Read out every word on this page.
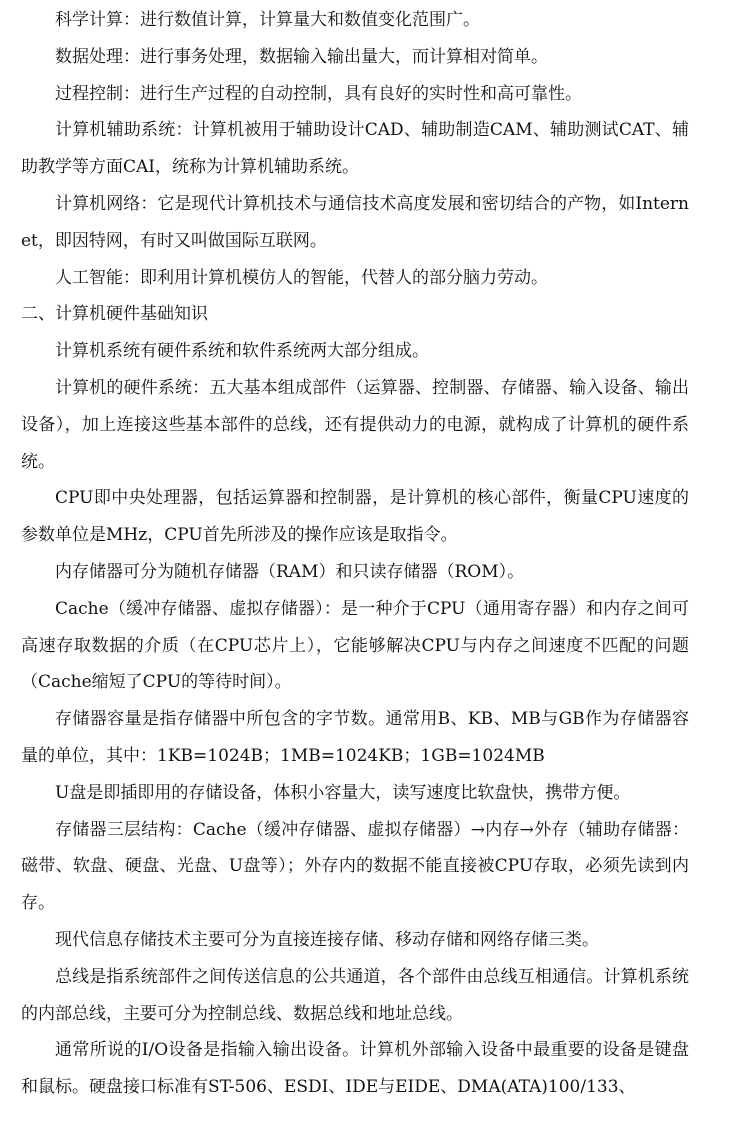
科学计算：进行数值计算，计算量大和数值变化范围广。

数据处理：进行事务处理，数据输入输出量大，而计算相对简单。

过程控制：进行生产过程的自动控制，具有良好的实时性和高可靠性。

计算机辅助系统：计算机被用于辅助设计CAD、辅助制造CAM、辅助测试CAT、辅助教学等方面CAI，统称为计算机辅助系统。

计算机网络：它是现代计算机技术与通信技术高度发展和密切结合的产物，如Internet，即因特网，有时又叫做国际互联网。

人工智能：即利用计算机模仿人的智能，代替人的部分脑力劳动。

二、计算机硬件基础知识

计算机系统有硬件系统和软件系统两大部分组成。

计算机的硬件系统：五大基本组成部件（运算器、控制器、存储器、输入设备、输出设备），加上连接这些基本部件的总线，还有提供动力的电源，就构成了计算机的硬件系统。

CPU即中央处理器，包括运算器和控制器，是计算机的核心部件，衡量CPU速度的参数单位是MHz，CPU首先所涉及的操作应该是取指令。

内存储器可分为随机存储器（RAM）和只读存储器（ROM）。

Cache（缓冲存储器、虚拟存储器）：是一种介于CPU（通用寄存器）和内存之间可高速存取数据的介质（在CPU芯片上），它能够解决CPU与内存之间速度不匹配的问题（Cache缩短了CPU的等待时间）。

存储器容量是指存储器中所包含的字节数。通常用B、KB、MB与GB作为存储器容量的单位，其中：1KB=1024B；1MB=1024KB；1GB=1024MB

U盘是即插即用的存储设备，体积小容量大，读写速度比软盘快，携带方便。

存储器三层结构：Cache（缓冲存储器、虚拟存储器）→内存→外存（辅助存储器：磁带、软盘、硬盘、光盘、U盘等）；外存内的数据不能直接被CPU存取，必须先读到内存。

现代信息存储技术主要可分为直接连接存储、移动存储和网络存储三类。

总线是指系统部件之间传送信息的公共通道，各个部件由总线互相通信。计算机系统的内部总线，主要可分为控制总线、数据总线和地址总线。

通常所说的I/O设备是指输入输出设备。计算机外部输入设备中最重要的设备是键盘和鼠标。硬盘接口标准有ST-506、ESDI、IDE与EIDE、DMA(ATA)100/133、
